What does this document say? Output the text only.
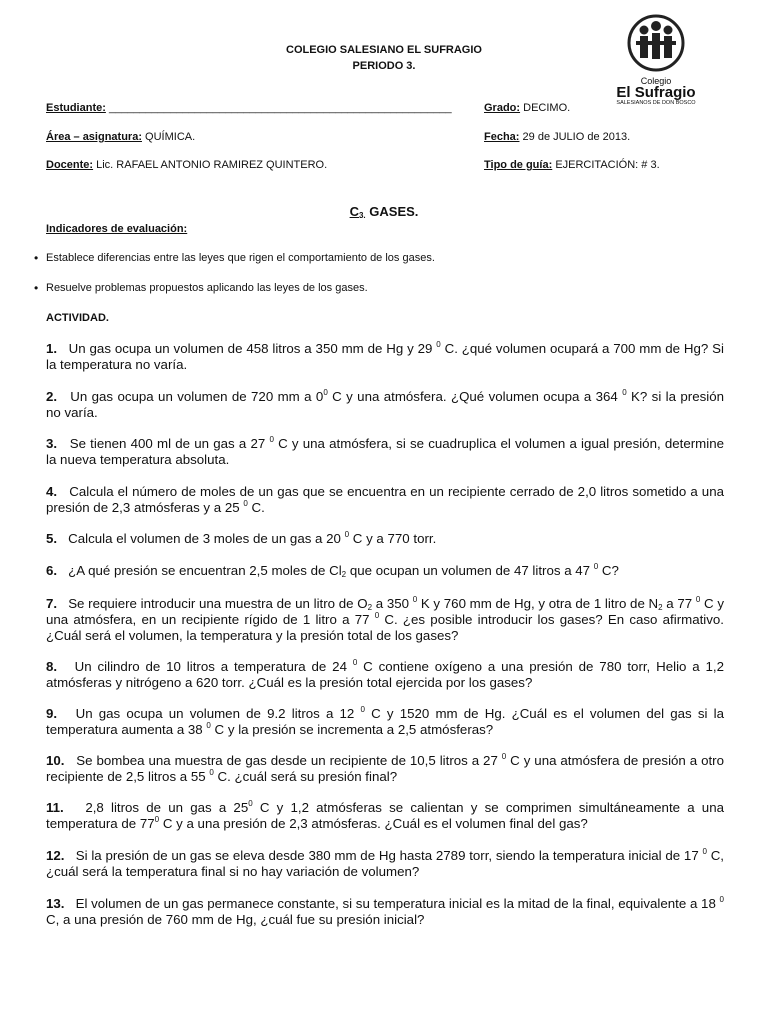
COLEGIO SALESIANO EL SUFRAGIO
PERIODO 3.
Colegio
El Sufragio
SALESIANOS DE DON BOSCO
Estudiante: ________________________________________________________	Grado: DECIMO.
Área – asignatura: QUÍMICA.	Fecha: 29 de JULIO de 2013.
Docente: Lic. RAFAEL ANTONIO RAMIREZ QUINTERO.	Tipo de guía: EJERCITACIÓN: # 3.
$C_{3.}$ GASES.
Indicadores de evaluación:
• Establece diferencias entre las leyes que rigen el comportamiento de los gases.
• Resuelve problemas propuestos aplicando las leyes de los gases.
ACTIVIDAD.
1.   Un gas ocupa un volumen de 458 litros a 350 mm de Hg y 29 $^0$ C. ¿qué volumen ocupará a 700 mm de Hg? Si la temperatura no varía.
2.   Un gas ocupa un volumen de 720 mm a $0^0$ C y una atmósfera. ¿Qué volumen ocupa a 364 $^0$ K? si la presión no varía.
3.   Se tienen 400 ml de un gas a 27 $^0$ C y una atmósfera, si se cuadruplica el volumen a igual presión, determine la nueva temperatura absoluta.
4.   Calcula el número de moles de un gas que se encuentra en un recipiente cerrado de 2,0 litros sometido a una presión de 2,3 atmósferas y a 25 $^0$ C.
5.   Calcula el volumen de 3 moles de un gas a 20 $^0$ C y a 770 torr.
6.   ¿A qué presión se encuentran 2,5 moles de $Cl_2$ que ocupan un volumen de 47 litros a 47 $^0$ C?
7.   Se requiere introducir una muestra de un litro de $O_2$ a 350 $^0$ K y 760 mm de Hg, y otra de 1 litro de $N_2$ a 77 $^0$ C y una atmósfera, en un recipiente rígido de 1 litro a 77 $^0$ C. ¿es posible introducir los gases? En caso afirmativo. ¿Cuál será el volumen, la temperatura y la presión total de los gases?
8.   Un cilindro de 10 litros a temperatura de 24 $^0$ C contiene oxígeno a una presión de 780 torr, Helio a 1,2 atmósferas y nitrógeno a 620 torr. ¿Cuál es la presión total ejercida por los gases?
9.   Un gas ocupa un volumen de 9.2 litros a 12 $^0$ C y 1520 mm de Hg. ¿Cuál es el volumen del gas si la temperatura aumenta a 38 $^0$ C y la presión se incrementa a 2,5 atmósferas?
10.   Se bombea una muestra de gas desde un recipiente de 10,5 litros a 27 $^0$ C y una atmósfera de presión a otro recipiente de 2,5 litros a 55 $^0$ C. ¿cuál será su presión final?
11.   2,8 litros de un gas a $25^0$ C y 1,2 atmósferas se calientan y se comprimen simultáneamente a una temperatura de $77^0$ C y a una presión de 2,3 atmósferas. ¿Cuál es el volumen final del gas?
12.   Si la presión de un gas se eleva desde 380 mm de Hg hasta 2789 torr, siendo la temperatura inicial de 17 $^0$ C, ¿cuál será la temperatura final si no hay variación de volumen?
13.   El volumen de un gas permanece constante, si su temperatura inicial es la mitad de la final, equivalente a 18 $^0$ C, a una presión de 760 mm de Hg, ¿cuál fue su presión inicial?
